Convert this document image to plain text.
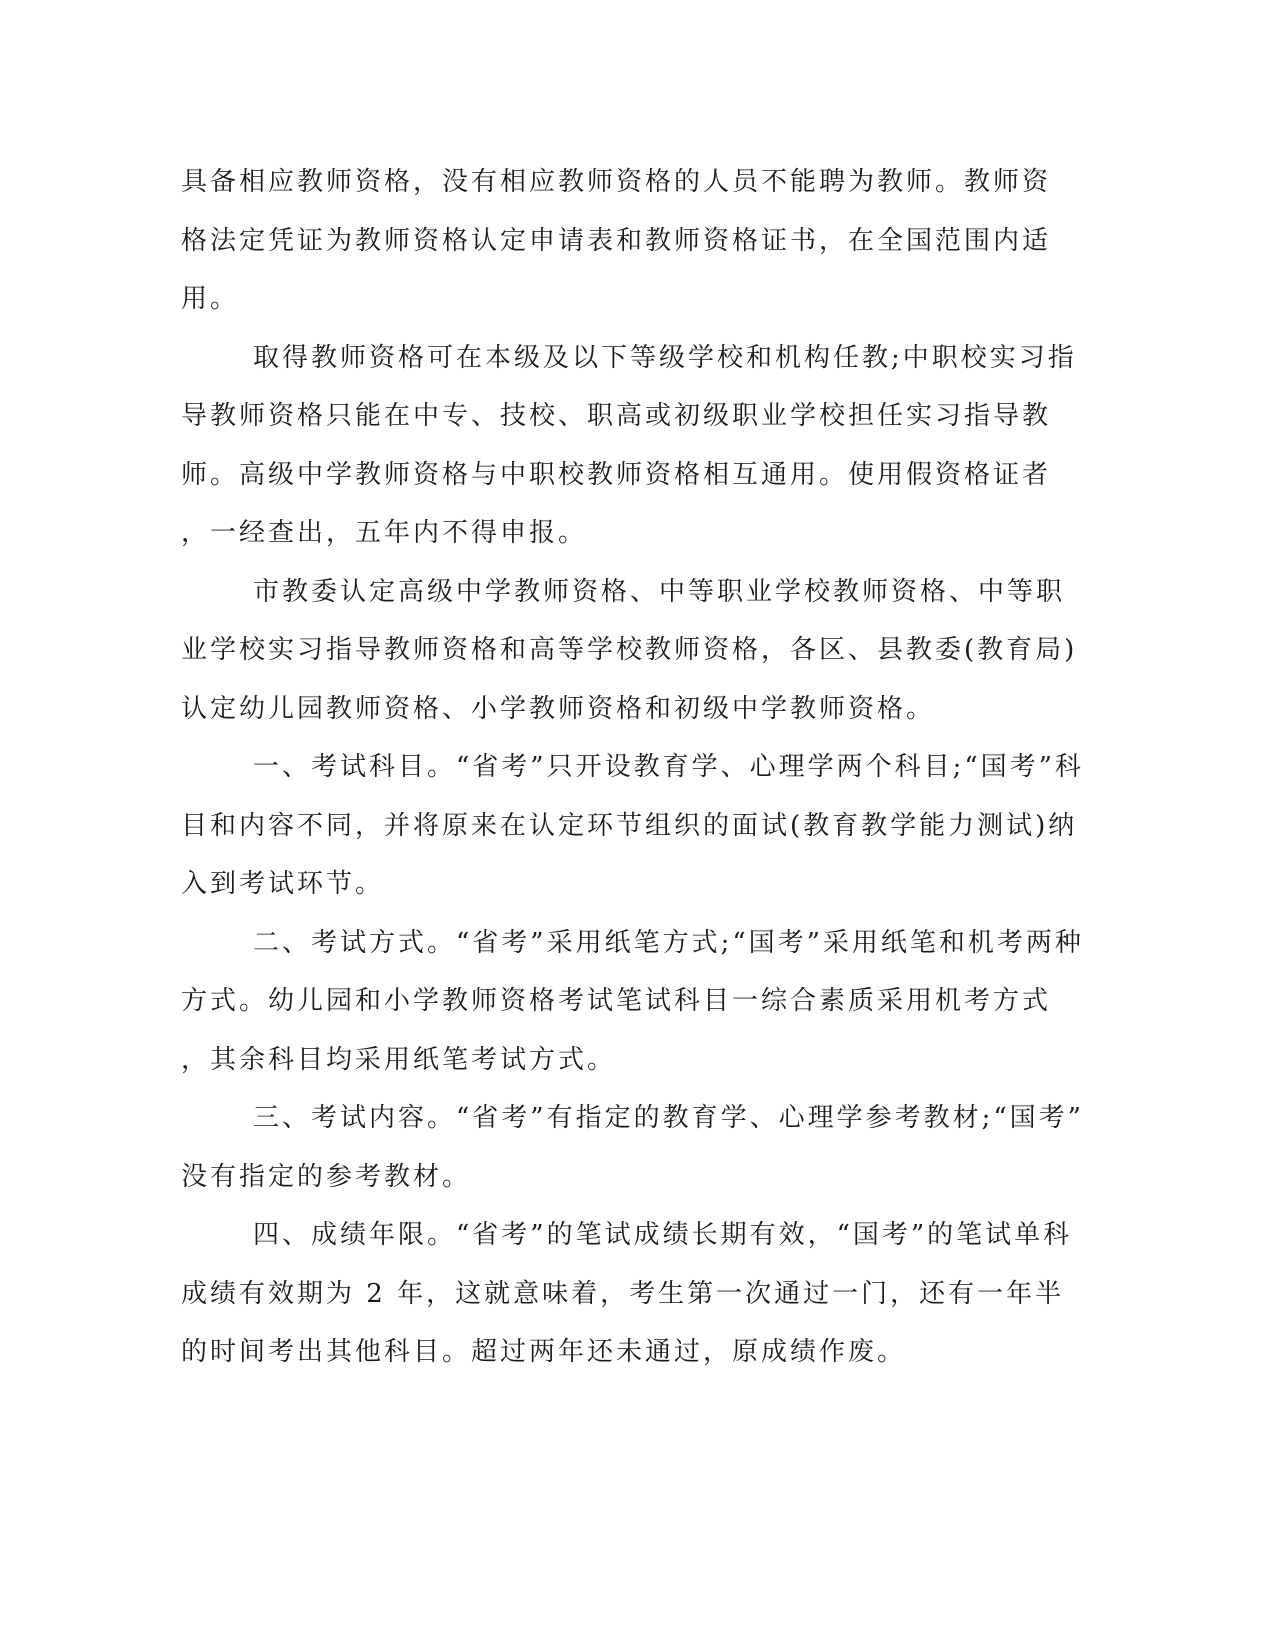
具备相应教师资格，没有相应教师资格的人员不能聘为教师。教师资
格法定凭证为教师资格认定申请表和教师资格证书，在全国范围内适
用。
取得教师资格可在本级及以下等级学校和机构任教;中职校实习指
导教师资格只能在中专、技校、职高或初级职业学校担任实习指导教
师。高级中学教师资格与中职校教师资格相互通用。使用假资格证者
，一经查出，五年内不得申报。
市教委认定高级中学教师资格、中等职业学校教师资格、中等职
业学校实习指导教师资格和高等学校教师资格，各区、县教委(教育局)
认定幼儿园教师资格、小学教师资格和初级中学教师资格。
一、考试科目。“省考”只开设教育学、心理学两个科目;“国考”科
目和内容不同，并将原来在认定环节组织的面试(教育教学能力测试)纳
入到考试环节。
二、考试方式。“省考”采用纸笔方式;“国考”采用纸笔和机考两种
方式。幼儿园和小学教师资格考试笔试科目一综合素质采用机考方式
，其余科目均采用纸笔考试方式。
三、考试内容。“省考”有指定的教育学、心理学参考教材;“国考”
没有指定的参考教材。
四、成绩年限。“省考”的笔试成绩长期有效，“国考”的笔试单科
成绩有效期为 2 年，这就意味着，考生第一次通过一门，还有一年半
的时间考出其他科目。超过两年还未通过，原成绩作废。
